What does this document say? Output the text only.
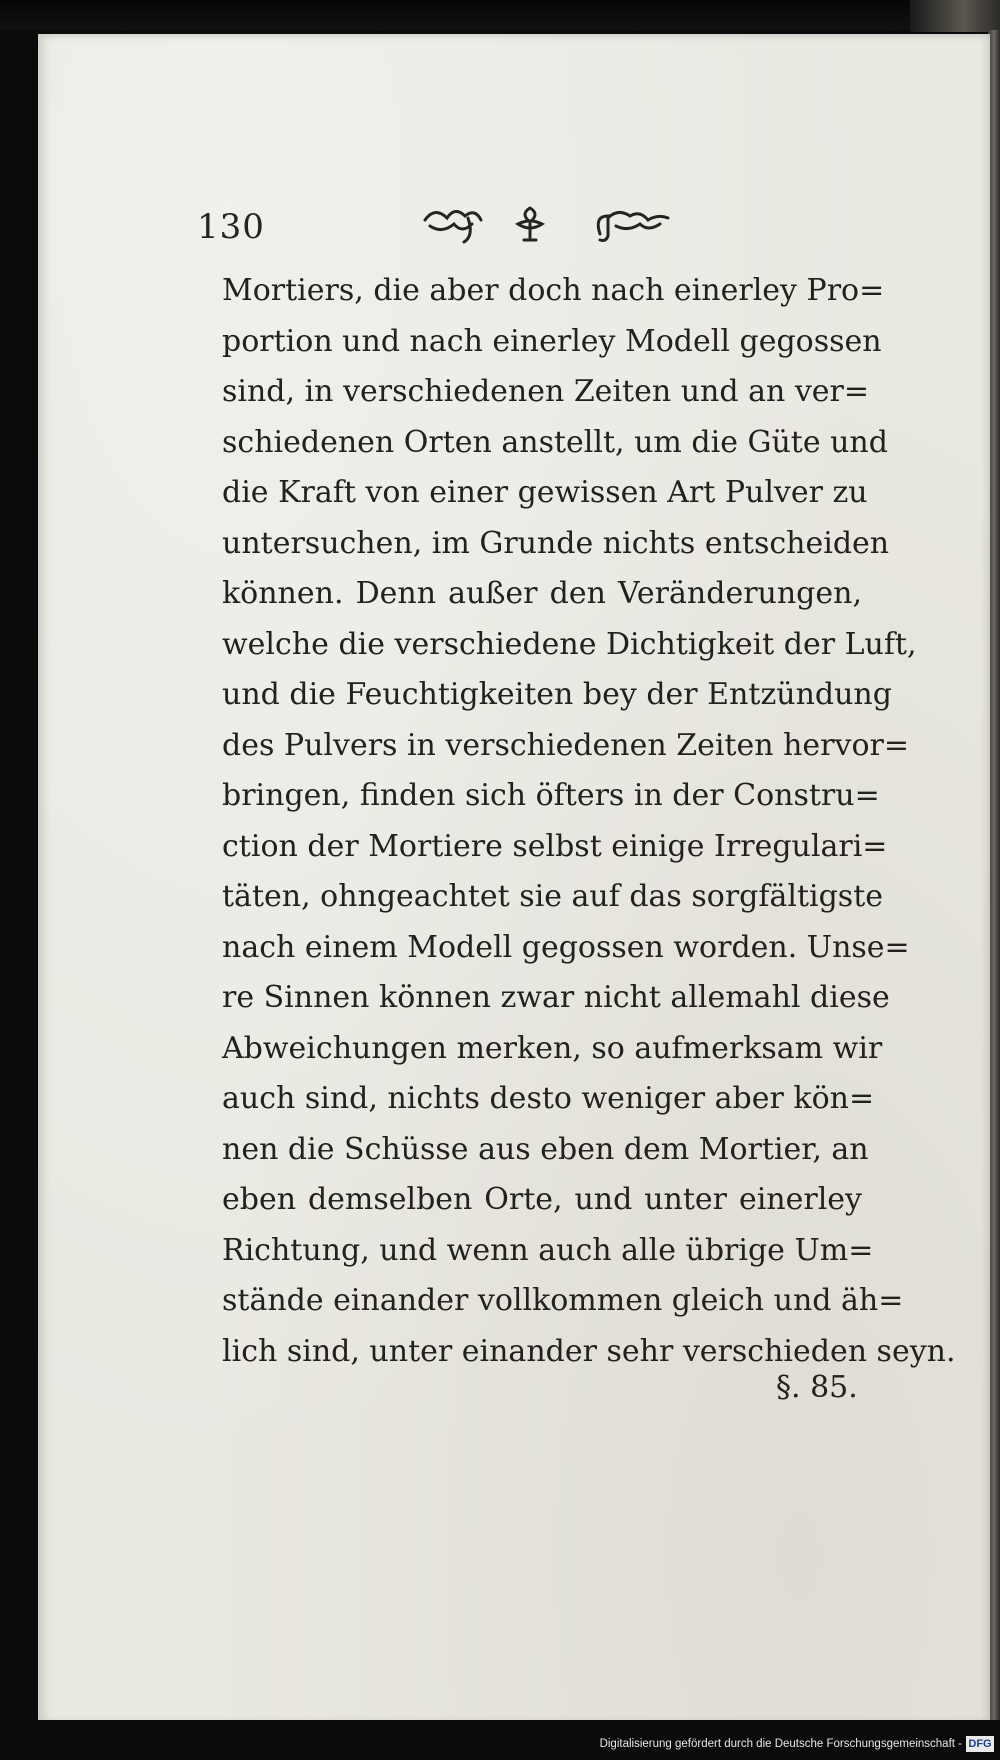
130
Mortiers, die aber doch nach einerley Pro=
portion und nach einerley Modell gegossen
sind, in verschiedenen Zeiten und an ver=
schiedenen Orten anstellt, um die Güte und
die Kraft von einer gewissen Art Pulver zu
untersuchen, im Grunde nichts entscheiden
können. Denn außer den Veränderungen,
welche die verschiedene Dichtigkeit der Luft,
und die Feuchtigkeiten bey der Entzündung
des Pulvers in verschiedenen Zeiten hervor=
bringen, finden sich öfters in der Constru=
ction der Mortiere selbst einige Irregulari=
täten, ohngeachtet sie auf das sorgfältigste
nach einem Modell gegossen worden. Unse=
re Sinnen können zwar nicht allemahl diese
Abweichungen merken, so aufmerksam wir
auch sind, nichts desto weniger aber kön=
nen die Schüsse aus eben dem Mortier, an
eben demselben Orte, und unter einerley
Richtung, und wenn auch alle übrige Um=
stände einander vollkommen gleich und äh=
lich sind, unter einander sehr verschieden seyn.
§. 85.
Digitalisierung gefördert durch die Deutsche Forschungsgemeinschaft - DFG
